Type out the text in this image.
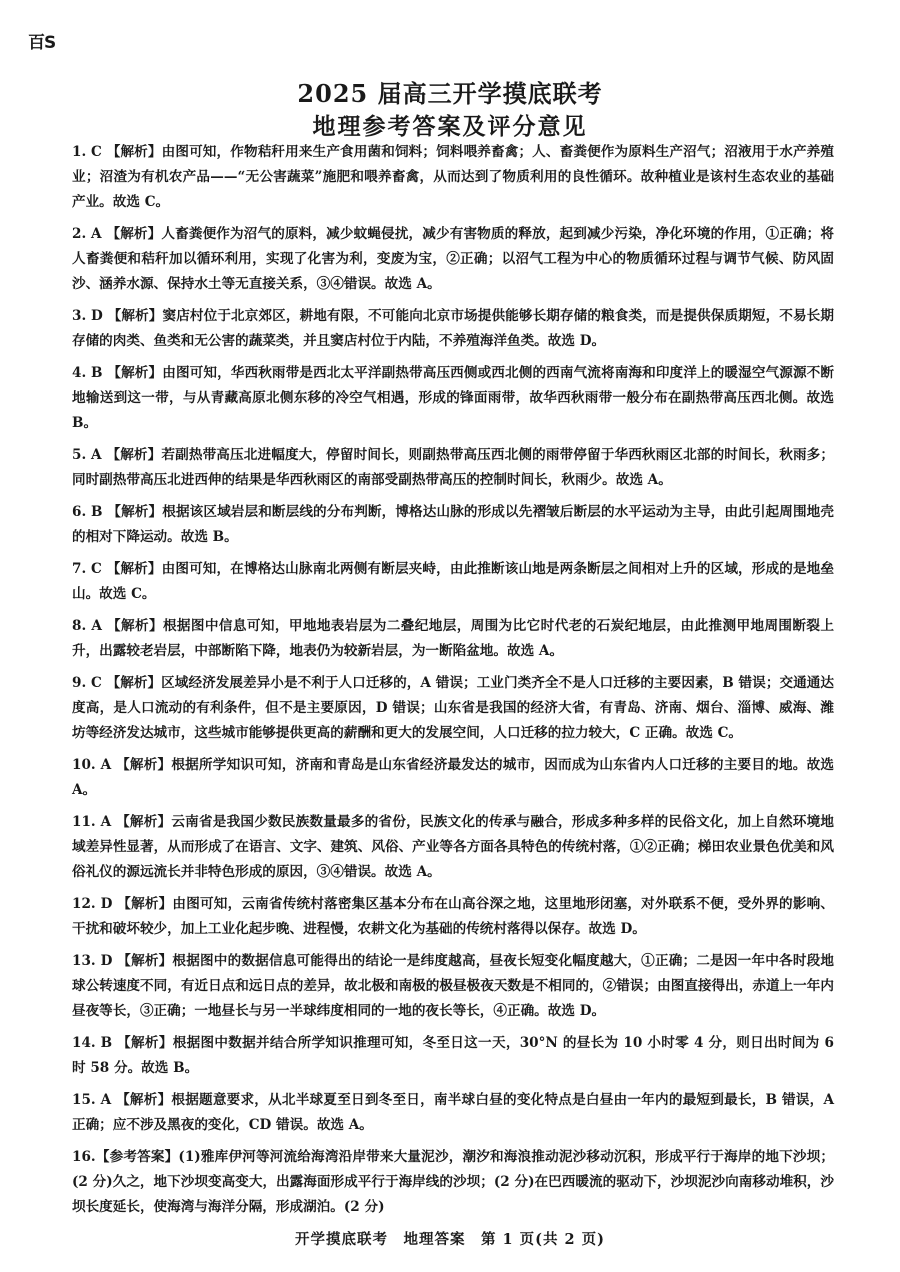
百S
2025 届高三开学摸底联考
地理参考答案及评分意见
1. C 【解析】由图可知，作物秸秆用来生产食用菌和饲料；饲料喂养畜禽；人、畜粪便作为原料生产沼气；沼液用于水产养殖业；沼渣为有机农产品——“无公害蔬菜”施肥和喂养畜禽，从而达到了物质利用的良性循环。故种植业是该村生态农业的基础产业。故选 C。
2. A 【解析】人畜粪便作为沼气的原料，减少蚊蝇侵扰，减少有害物质的释放，起到减少污染，净化环境的作用，①正确；将人畜粪便和秸秆加以循环利用，实现了化害为利，变废为宝，②正确；以沼气工程为中心的物质循环过程与调节气候、防风固沙、涵养水源、保持水土等无直接关系，③④错误。故选 A。
3. D 【解析】窦店村位于北京郊区，耕地有限，不可能向北京市场提供能够长期存储的粮食类，而是提供保质期短，不易长期存储的肉类、鱼类和无公害的蔬菜类，并且窦店村位于内陆，不养殖海洋鱼类。故选 D。
4. B 【解析】由图可知，华西秋雨带是西北太平洋副热带高压西侧或西北侧的西南气流将南海和印度洋上的暖湿空气源源不断地输送到这一带，与从青藏高原北侧东移的冷空气相遇，形成的锋面雨带，故华西秋雨带一般分布在副热带高压西北侧。故选 B。
5. A 【解析】若副热带高压北进幅度大，停留时间长，则副热带高压西北侧的雨带停留于华西秋雨区北部的时间长，秋雨多；同时副热带高压北进西伸的结果是华西秋雨区的南部受副热带高压的控制时间长，秋雨少。故选 A。
6. B 【解析】根据该区域岩层和断层线的分布判断，博格达山脉的形成以先褶皱后断层的水平运动为主导，由此引起周围地壳的相对下降运动。故选 B。
7. C 【解析】由图可知，在博格达山脉南北两侧有断层夹峙，由此推断该山地是两条断层之间相对上升的区域，形成的是地垒山。故选 C。
8. A 【解析】根据图中信息可知，甲地地表岩层为二叠纪地层，周围为比它时代老的石炭纪地层，由此推测甲地周围断裂上升，出露较老岩层，中部断陷下降，地表仍为较新岩层，为一断陷盆地。故选 A。
9. C 【解析】区域经济发展差异小是不利于人口迁移的，A 错误；工业门类齐全不是人口迁移的主要因素，B 错误；交通通达度高，是人口流动的有利条件，但不是主要原因，D 错误；山东省是我国的经济大省，有青岛、济南、烟台、淄博、威海、潍坊等经济发达城市，这些城市能够提供更高的薪酬和更大的发展空间，人口迁移的拉力较大，C 正确。故选 C。
10. A 【解析】根据所学知识可知，济南和青岛是山东省经济最发达的城市，因而成为山东省内人口迁移的主要目的地。故选 A。
11. A 【解析】云南省是我国少数民族数量最多的省份，民族文化的传承与融合，形成多种多样的民俗文化，加上自然环境地域差异性显著，从而形成了在语言、文字、建筑、风俗、产业等各方面各具特色的传统村落，①②正确；梯田农业景色优美和风俗礼仪的源远流长并非特色形成的原因，③④错误。故选 A。
12. D 【解析】由图可知，云南省传统村落密集区基本分布在山高谷深之地，这里地形闭塞，对外联系不便，受外界的影响、干扰和破坏较少，加上工业化起步晚、进程慢，农耕文化为基础的传统村落得以保存。故选 D。
13. D 【解析】根据图中的数据信息可能得出的结论一是纬度越高，昼夜长短变化幅度越大，①正确；二是因一年中各时段地球公转速度不同，有近日点和远日点的差异，故北极和南极的极昼极夜天数是不相同的，②错误；由图直接得出，赤道上一年内昼夜等长，③正确；一地昼长与另一半球纬度相同的一地的夜长等长，④正确。故选 D。
14. B 【解析】根据图中数据并结合所学知识推理可知，冬至日这一天，30°N 的昼长为 10 小时零 4 分，则日出时间为 6 时 58 分。故选 B。
15. A 【解析】根据题意要求，从北半球夏至日到冬至日，南半球白昼的变化特点是白昼由一年内的最短到最长，B 错误，A 正确；应不涉及黑夜的变化，CD 错误。故选 A。
16.【参考答案】(1)雅库伊河等河流给海湾沿岸带来大量泥沙，潮汐和海浪推动泥沙移动沉积，形成平行于海岸的地下沙坝；(2 分)久之，地下沙坝变高变大，出露海面形成平行于海岸线的沙坝；(2 分)在巴西暖流的驱动下，沙坝泥沙向南移动堆积，沙坝长度延长，使海湾与海洋分隔，形成湖泊。(2 分)
开学摸底联考　地理答案　第 1 页(共 2 页)
